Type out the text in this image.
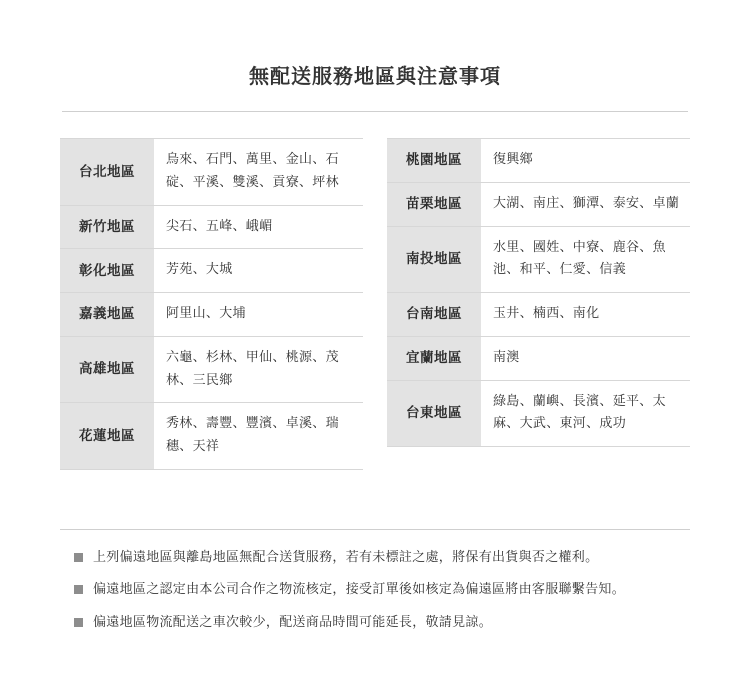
無配送服務地區與注意事項
台北地區	烏來、石門、萬里、金山、石碇、平溪、雙溪、貢寮、坪林
新竹地區	尖石、五峰、峨嵋
彰化地區	芳苑、大城
嘉義地區	阿里山、大埔
高雄地區	六龜、杉林、甲仙、桃源、茂林、三民鄉
花蓮地區	秀林、壽豐、豐濱、卓溪、瑞穗、天祥
桃園地區	復興鄉
苗栗地區	大湖、南庄、獅潭、泰安、卓蘭
南投地區	水里、國姓、中寮、鹿谷、魚池、和平、仁愛、信義
台南地區	玉井、楠西、南化
宜蘭地區	南澳
台東地區	綠島、蘭嶼、長濱、延平、太麻、大武、東河、成功
上列偏遠地區與離島地區無配合送貨服務，若有未標註之處，將保有出貨與否之權利。
偏遠地區之認定由本公司合作之物流核定，接受訂單後如核定為偏遠區將由客服聯繫告知。
偏遠地區物流配送之車次較少，配送商品時間可能延長，敬請見諒。
